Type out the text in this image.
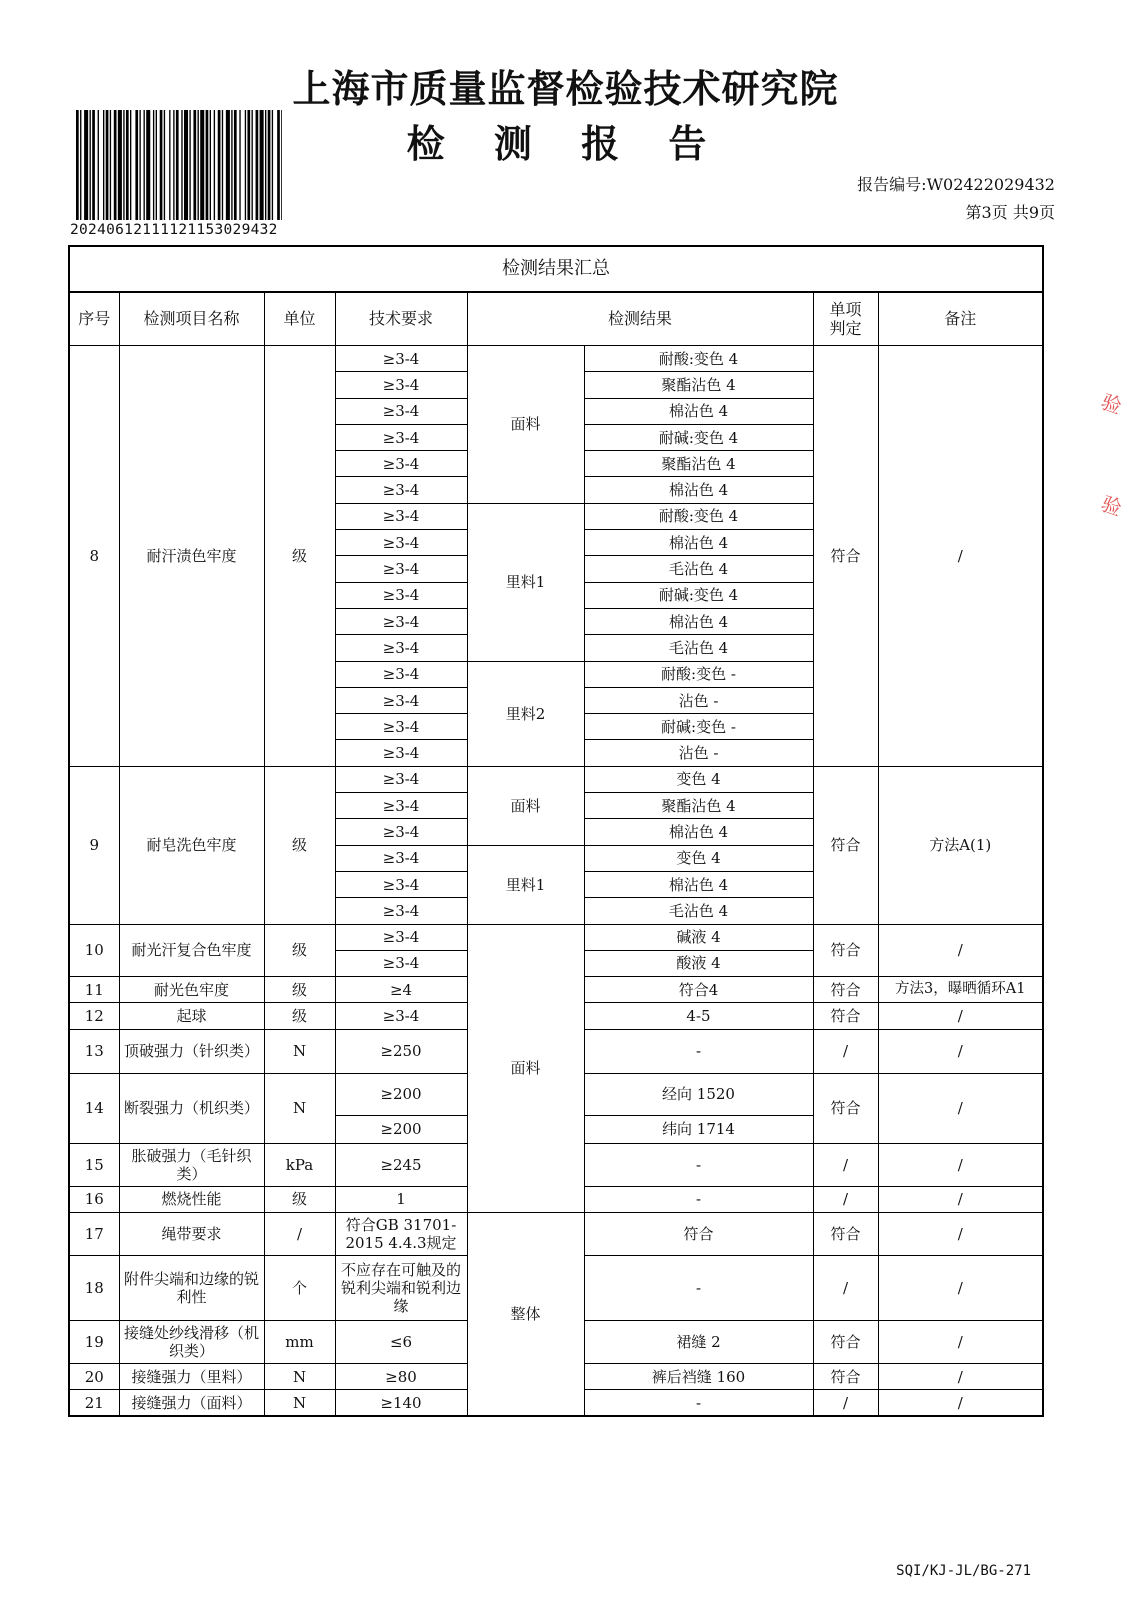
上海市质量监督检验技术研究院
检 测 报 告
20240612111121153029432
报告编号:W02422029432
第3页 共9页
验
验
检测结果汇总							
序号	检测项目名称	单位	技术要求	检测结果		单项判定	备注
8	耐汗渍色牢度	级	≥3-4	面料	耐酸:变色 4	符合	/
			≥3-4		聚酯沾色 4		
			≥3-4		棉沾色 4		
			≥3-4		耐碱:变色 4		
			≥3-4		聚酯沾色 4		
			≥3-4		棉沾色 4		
			≥3-4	里料1	耐酸:变色 4		
			≥3-4		棉沾色 4		
			≥3-4		毛沾色 4		
			≥3-4		耐碱:变色 4		
			≥3-4		棉沾色 4		
			≥3-4		毛沾色 4		
			≥3-4	里料2	耐酸:变色 -		
			≥3-4		沾色 -		
			≥3-4		耐碱:变色 -		
			≥3-4		沾色 -		
9	耐皂洗色牢度	级	≥3-4	面料	变色 4	符合	方法A(1)
			≥3-4		聚酯沾色 4		
			≥3-4		棉沾色 4		
			≥3-4	里料1	变色 4		
			≥3-4		棉沾色 4		
			≥3-4		毛沾色 4		
10	耐光汗复合色牢度	级	≥3-4	面料	碱液 4	符合	/
			≥3-4		酸液 4		
11	耐光色牢度	级	≥4		符合4	符合	方法3，曝晒循环A1
12	起球	级	≥3-4		4-5	符合	/
13	顶破强力（针织类）	N	≥250		-	/	/
14	断裂强力（机织类）	N	≥200		经向 1520	符合	/
			≥200		纬向 1714		
15	胀破强力（毛针织类）	kPa	≥245		-	/	/
16	燃烧性能	级	1		-	/	/
17	绳带要求	/	符合GB 31701-2015 4.4.3规定	整体	符合	符合	/
18	附件尖端和边缘的锐利性	个	不应存在可触及的锐利尖端和锐利边缘		-	/	/
19	接缝处纱线滑移（机织类）	mm	≤6		裙缝 2	符合	/
20	接缝强力（里料）	N	≥80		裤后裆缝 160	符合	/
21	接缝强力（面料）	N	≥140		-	/	/
SQI/KJ-JL/BG-271
